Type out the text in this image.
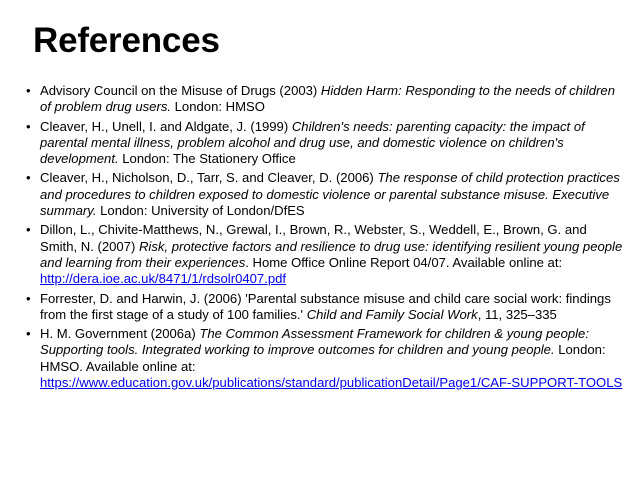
References
• Advisory Council on the Misuse of Drugs (2003) Hidden Harm: Responding to the needs of children of problem drug users. London: HMSO
• Cleaver, H., Unell, I. and Aldgate, J. (1999) Children's needs: parenting capacity: the impact of parental mental illness, problem alcohol and drug use, and domestic violence on children's development. London: The Stationery Office
• Cleaver, H., Nicholson, D., Tarr, S. and Cleaver, D. (2006) The response of child protection practices and procedures to children exposed to domestic violence or parental substance misuse. Executive summary. London: University of London/DfES
• Dillon, L., Chivite-Matthews, N., Grewal, I., Brown, R., Webster, S., Weddell, E., Brown, G. and Smith, N. (2007) Risk, protective factors and resilience to drug use: identifying resilient young people and learning from their experiences. Home Office Online Report 04/07. Available online at: http://dera.ioe.ac.uk/8471/1/rdsolr0407.pdf
• Forrester, D. and Harwin, J. (2006) 'Parental substance misuse and child care social work: findings from the first stage of a study of 100 families.' Child and Family Social Work, 11, 325–335
• H. M. Government (2006a) The Common Assessment Framework for children & young people: Supporting tools. Integrated working to improve outcomes for children and young people. London: HMSO. Available online at: https://www.education.gov.uk/publications/standard/publicationDetail/Page1/CAF-SUPPORT-TOOLS
